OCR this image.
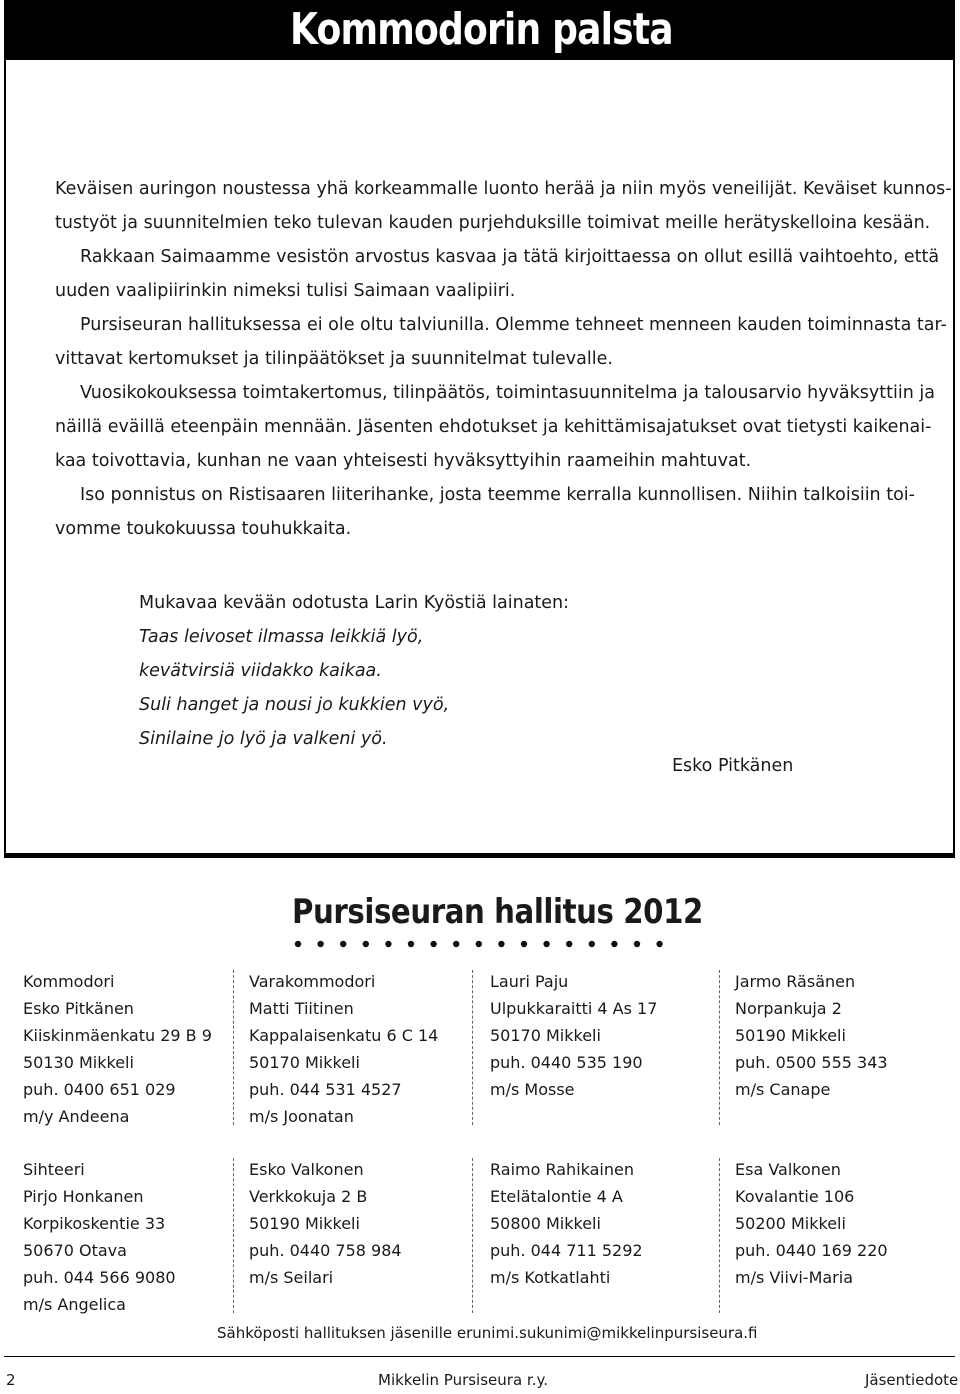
Kommodorin palsta
Keväisen auringon noustessa yhä korkeammalle luonto herää ja niin myös veneilijät. Keväiset kunnos-
tustyöt ja suunnitelmien teko tulevan kauden purjehduksille toimivat meille herätyskelloina kesään.
Rakkaan Saimaamme vesistön arvostus kasvaa ja tätä kirjoittaessa on ollut esillä vaihtoehto, että
uuden vaalipiirinkin nimeksi tulisi Saimaan vaalipiiri.
Pursiseuran hallituksessa ei ole oltu talviunilla. Olemme tehneet menneen kauden toiminnasta tar-
vittavat kertomukset ja tilinpäätökset ja suunnitelmat tulevalle.
Vuosikokouksessa toimtakertomus, tilinpäätös, toimintasuunnitelma ja talousarvio hyväksyttiin ja
näillä eväillä eteenpäin mennään. Jäsenten ehdotukset ja kehittämisajatukset ovat tietysti kaikenai-
kaa toivottavia, kunhan ne vaan yhteisesti hyväksyttyihin raameihin mahtuvat.
Iso ponnistus on Ristisaaren liiterihanke, josta teemme kerralla kunnollisen. Niihin talkoisiin toi-
vomme toukokuussa touhukkaita.
Mukavaa kevään odotusta Larin Kyöstiä lainaten:
Taas leivoset ilmassa leikkiä lyö,
kevätvirsiä viidakko kaikaa.
Suli hanget ja nousi jo kukkien vyö,
Sinilaine jo lyö ja valkeni yö.
Esko Pitkänen
Pursiseuran hallitus 2012
Kommodori
Esko Pitkänen
Kiiskinmäenkatu 29 B 9
50130 Mikkeli
puh. 0400 651 029
m/y Andeena
Varakommodori
Matti Tiitinen
Kappalaisenkatu 6 C 14
50170 Mikkeli
puh. 044 531 4527
m/s Joonatan
Lauri Paju
Ulpukkaraitti 4 As 17
50170 Mikkeli
puh. 0440 535 190
m/s Mosse
Jarmo Räsänen
Norpankuja 2
50190 Mikkeli
puh. 0500 555 343
m/s Canape
Sihteeri
Pirjo Honkanen
Korpikoskentie 33
50670 Otava
puh. 044 566 9080
m/s Angelica
Esko Valkonen
Verkkokuja 2 B
50190 Mikkeli
puh. 0440 758 984
m/s Seilari
Raimo Rahikainen
Etelätalontie 4 A
50800 Mikkeli
puh. 044 711 5292
m/s Kotkatlahti
Esa Valkonen
Kovalantie 106
50200 Mikkeli
puh. 0440 169 220
m/s Viivi-Maria
Sähköposti hallituksen jäsenille erunimi.sukunimi@mikkelinpursiseura.fi
2	Mikkelin Pursiseura r.y.	Jäsentiedote
